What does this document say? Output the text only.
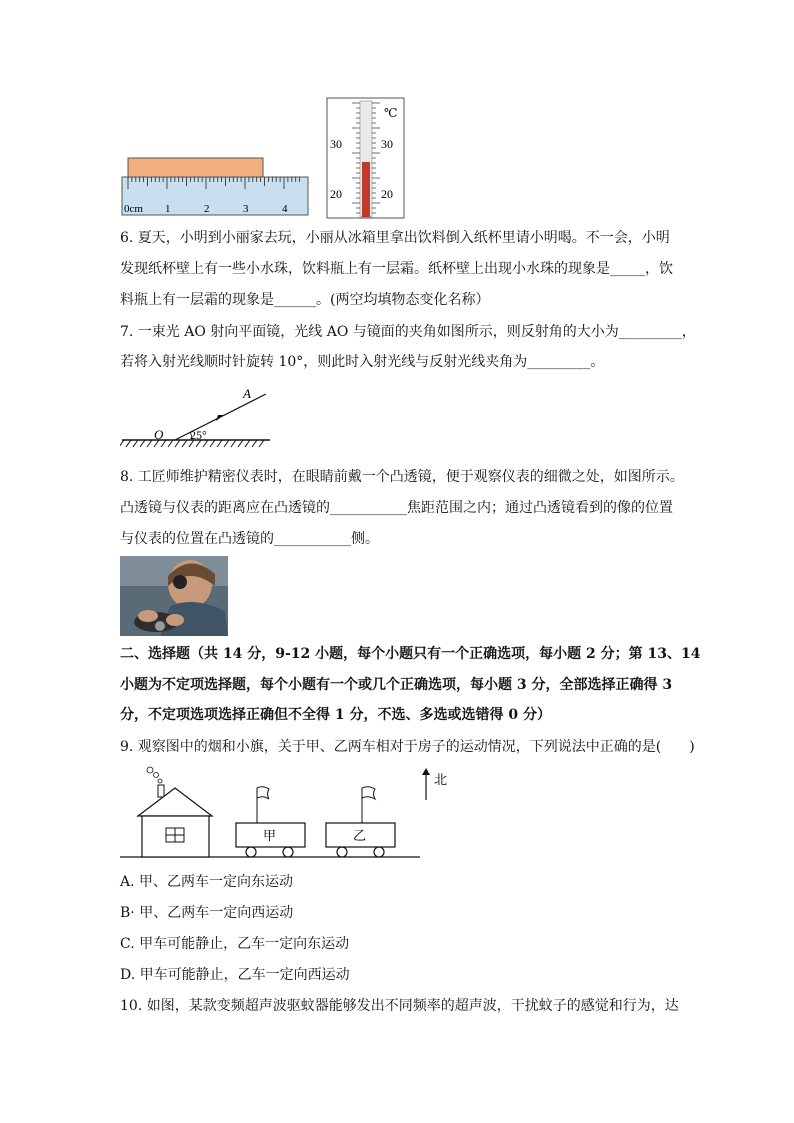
0cm 1	2	3	4
℃
30	30
20	20
6. 夏天，小明到小丽家去玩，小丽从冰箱里拿出饮料倒入纸杯里请小明喝。不一会，小明
发现纸杯壁上有一些小水珠，饮料瓶上有一层霜。纸杯壁上出现小水珠的现象是_____，饮
料瓶上有一层霜的现象是______。(两空均填物态变化名称）
7. 一束光 AO 射向平面镜，光线 AO 与镜面的夹角如图所示，则反射角的大小为_________，
若将入射光线顺时针旋转 10°，则此时入射光线与反射光线夹角为_________。
A
O 25°
8. 工匠师维护精密仪表时，在眼睛前戴一个凸透镜，便于观察仪表的细微之处，如图所示。
凸透镜与仪表的距离应在凸透镜的___________焦距范围之内；通过凸透镜看到的像的位置
与仪表的位置在凸透镜的___________侧。
二、选择题（共 14 分，9-12 小题，每个小题只有一个正确选项，每小题 2 分；第 13、14
小题为不定项选择题，每个小题有一个或几个正确选项，每小题 3 分，全部选择正确得 3
分，不定项选项选择正确但不全得 1 分，不选、多选或选错得 0 分）
9. 观察图中的烟和小旗，关于甲、乙两车相对于房子的运动情况，下列说法中正确的是(　　)
甲	乙
北
A. 甲、乙两车一定向东运动
B· 甲、乙两车一定向西运动
C. 甲车可能静止，乙车一定向东运动
D. 甲车可能静止，乙车一定向西运动
10. 如图，某款变频超声波驱蚊器能够发出不同频率的超声波，干扰蚊子的感觉和行为，达
